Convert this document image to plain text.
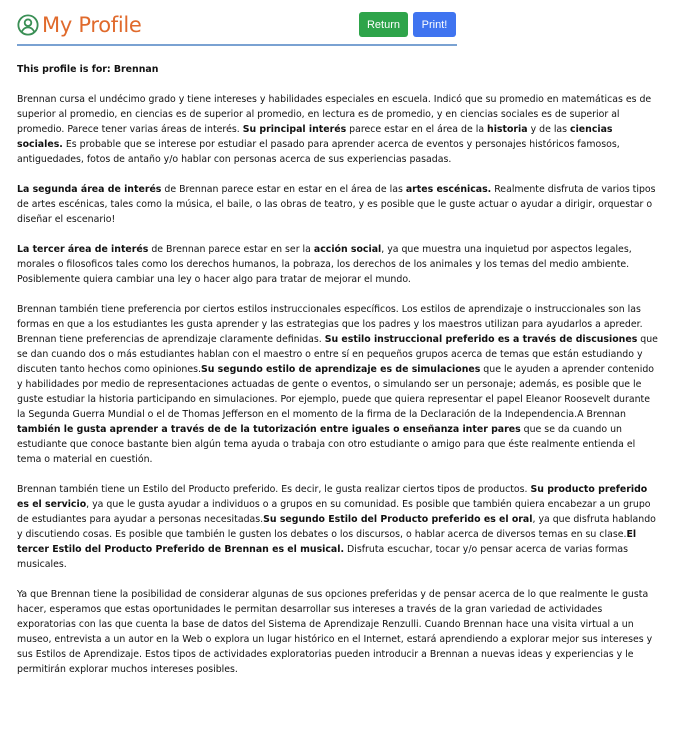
My Profile	Return	Print!

This profile is for: Brennan

Brennan cursa el undécimo grado y tiene intereses y habilidades especiales en escuela. Indicó que su promedio en matemáticas es de superior al promedio, en ciencias es de superior al promedio, en lectura es de promedio, y en ciencias sociales es de superior al promedio. Parece tener varias áreas de interés. Su principal interés parece estar en el área de la historia y de las ciencias sociales. Es probable que se interese por estudiar el pasado para aprender acerca de eventos y personajes históricos famosos, antiguedades, fotos de antaño y/o hablar con personas acerca de sus experiencias pasadas.

La segunda área de interés de Brennan parece estar en estar en el área de las artes escénicas. Realmente disfruta de varios tipos de artes escénicas, tales como la música, el baile, o las obras de teatro, y es posible que le guste actuar o ayudar a dirigir, orquestar o diseñar el escenario!

La tercer área de interés de Brennan parece estar en ser la acción social, ya que muestra una inquietud por aspectos legales, morales o filosoficos tales como los derechos humanos, la pobraza, los derechos de los animales y los temas del medio ambiente. Posiblemente quiera cambiar una ley o hacer algo para tratar de mejorar el mundo.

Brennan también tiene preferencia por ciertos estilos instruccionales específicos. Los estilos de aprendizaje o instruccionales son las formas en que a los estudiantes les gusta aprender y las estrategias que los padres y los maestros utilizan para ayudarlos a apreder. Brennan tiene preferencias de aprendizaje claramente definidas. Su estilo instruccional preferido es a través de discusiones que se dan cuando dos o más estudiantes hablan con el maestro o entre sí en pequeños grupos acerca de temas que están estudiando y discuten tanto hechos como opiniones.Su segundo estilo de aprendizaje es de simulaciones que le ayuden a aprender contenido y habilidades por medio de representaciones actuadas de gente o eventos, o simulando ser un personaje; además, es posible que le guste estudiar la historia participando en simulaciones. Por ejemplo, puede que quiera representar el papel Eleanor Roosevelt durante la Segunda Guerra Mundial o el de Thomas Jefferson en el momento de la firma de la Declaración de la Independencia.A Brennan también le gusta aprender a través de de la tutorización entre iguales o enseñanza inter pares que se da cuando un estudiante que conoce bastante bien algún tema ayuda o trabaja con otro estudiante o amigo para que éste realmente entienda el tema o material en cuestión.

Brennan también tiene un Estilo del Producto preferido. Es decir, le gusta realizar ciertos tipos de productos. Su producto preferido es el servicio, ya que le gusta ayudar a individuos o a grupos en su comunidad. Es posible que también quiera encabezar a un grupo de estudiantes para ayudar a personas necesitadas.Su segundo Estilo del Producto preferido es el oral, ya que disfruta hablando y discutiendo cosas. Es posible que también le gusten los debates o los discursos, o hablar acerca de diversos temas en su clase.El tercer Estilo del Producto Preferido de Brennan es el musical. Disfruta escuchar, tocar y/o pensar acerca de varias formas musicales.

Ya que Brennan tiene la posibilidad de considerar algunas de sus opciones preferidas y de pensar acerca de lo que realmente le gusta hacer, esperamos que estas oportunidades le permitan desarrollar sus intereses a través de la gran variedad de actividades exporatorias con las que cuenta la base de datos del Sistema de Aprendizaje Renzulli. Cuando Brennan hace una visita virtual a un museo, entrevista a un autor en la Web o explora un lugar histórico en el Internet, estará aprendiendo a explorar mejor sus intereses y sus Estilos de Aprendizaje. Estos tipos de actividades exploratorias pueden introducir a Brennan a nuevas ideas y experiencias y le permitirán explorar muchos intereses posibles.
